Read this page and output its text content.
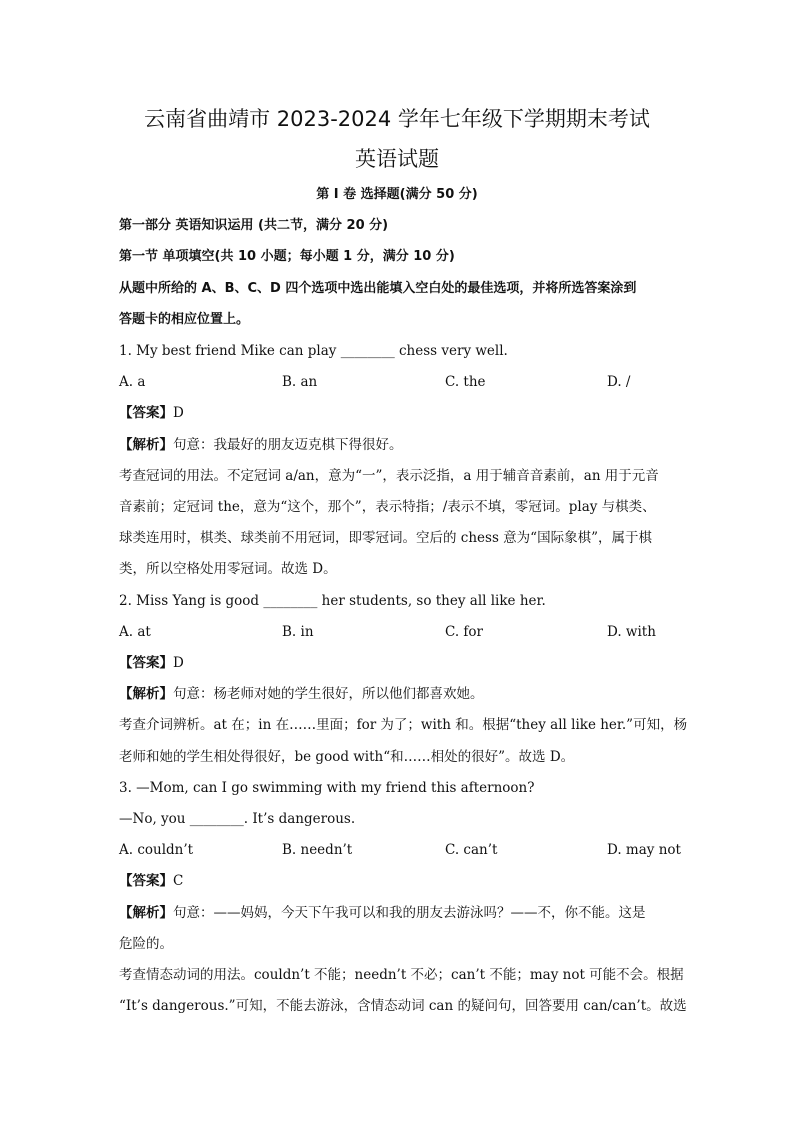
云南省曲靖市 2023-2024 学年七年级下学期期末考试
英语试题
第 I 卷 选择题(满分 50 分)
第一部分 英语知识运用 (共二节，满分 20 分)
第一节 单项填空(共 10 小题；每小题 1 分，满分 10 分)
从题中所给的 A、B、C、D 四个选项中选出能填入空白处的最佳选项，并将所选答案涂到
答题卡的相应位置上。
1. My best friend Mike can play ________ chess very well.
A. a	B. an	C. the	D. /
【答案】D
【解析】句意：我最好的朋友迈克棋下得很好。
考查冠词的用法。不定冠词 a/an，意为“一”，表示泛指，a 用于辅音音素前，an 用于元音
音素前；定冠词 the，意为“这个，那个”，表示特指；/表示不填，零冠词。play 与棋类、
球类连用时，棋类、球类前不用冠词，即零冠词。空后的 chess 意为“国际象棋”，属于棋
类，所以空格处用零冠词。故选 D。
2. Miss Yang is good ________ her students, so they all like her.
A. at	B. in	C. for	D. with
【答案】D
【解析】句意：杨老师对她的学生很好，所以他们都喜欢她。
考查介词辨析。at 在；in 在……里面；for 为了；with 和。根据“they all like her.”可知，杨
老师和她的学生相处得很好，be good with“和……相处的很好”。故选 D。
3. —Mom, can I go swimming with my friend this afternoon?
—No, you ________. It’s dangerous.
A. couldn’t	B. needn’t	C. can’t	D. may not
【答案】C
【解析】句意：——妈妈，今天下午我可以和我的朋友去游泳吗？——不，你不能。这是
危险的。
考查情态动词的用法。couldn’t 不能；needn’t 不必；can’t 不能；may not 可能不会。根据
“It’s dangerous.”可知，不能去游泳，含情态动词 can 的疑问句，回答要用 can/can’t。故选
